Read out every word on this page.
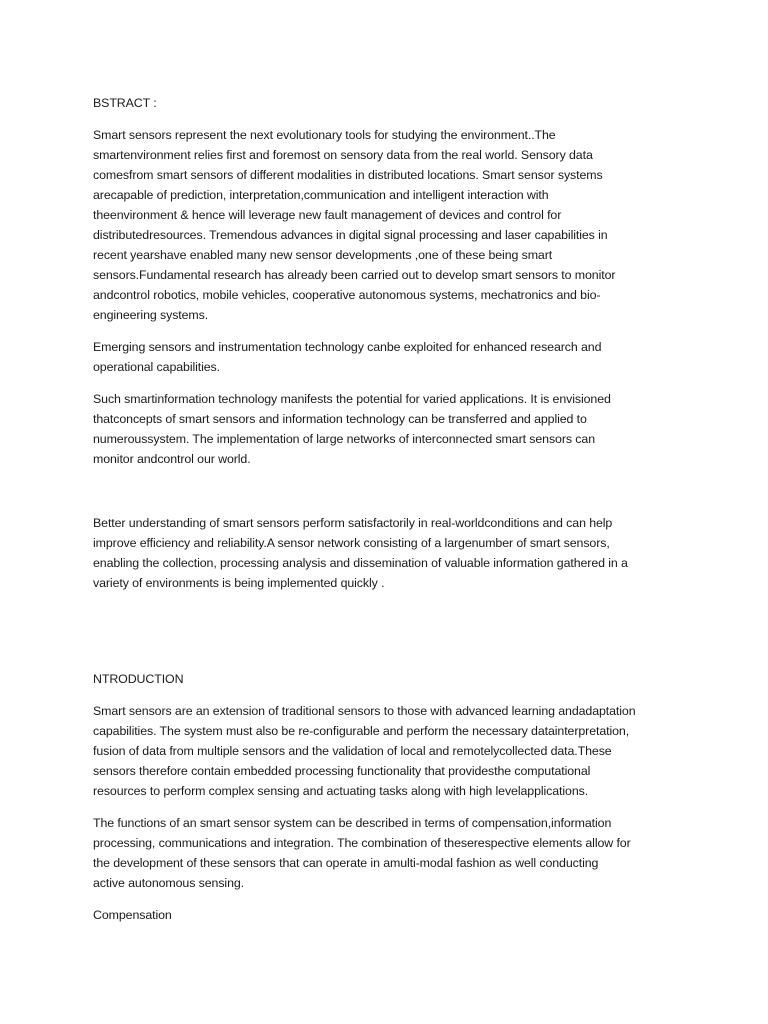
BSTRACT :

Smart sensors represent the next evolutionary tools for studying the environment..The
smartenvironment relies first and foremost on sensory data from the real world. Sensory data
comesfrom smart sensors of different modalities in distributed locations. Smart sensor systems
arecapable of prediction, interpretation,communication and intelligent interaction with
theenvironment & hence will leverage new fault management of devices and control for
distributedresources. Tremendous advances in digital signal processing and laser capabilities in
recent yearshave enabled many new sensor developments ,one of these being smart
sensors.Fundamental research has already been carried out to develop smart sensors to monitor
andcontrol robotics, mobile vehicles, cooperative autonomous systems, mechatronics and bio-
engineering systems.

Emerging sensors and instrumentation technology canbe exploited for enhanced research and
operational capabilities.

Such smartinformation technology manifests the potential for varied applications. It is envisioned
thatconcepts of smart sensors and information technology can be transferred and applied to
numeroussystem. The implementation of large networks of interconnected smart sensors can
monitor andcontrol our world.

Better understanding of smart sensors perform satisfactorily in real-worldconditions and can help
improve efficiency and reliability.A sensor network consisting of a largenumber of smart sensors,
enabling the collection, processing analysis and dissemination of valuable information gathered in a
variety of environments is being implemented quickly .

NTRODUCTION

Smart sensors are an extension of traditional sensors to those with advanced learning andadaptation
capabilities. The system must also be re-configurable and perform the necessary datainterpretation,
fusion of data from multiple sensors and the validation of local and remotelycollected data.These
sensors therefore contain embedded processing functionality that providesthe computational
resources to perform complex sensing and actuating tasks along with high levelapplications.

The functions of an smart sensor system can be described in terms of compensation,information
processing, communications and integration. The combination of theserespective elements allow for
the development of these sensors that can operate in amulti-modal fashion as well conducting
active autonomous sensing.

Compensation
